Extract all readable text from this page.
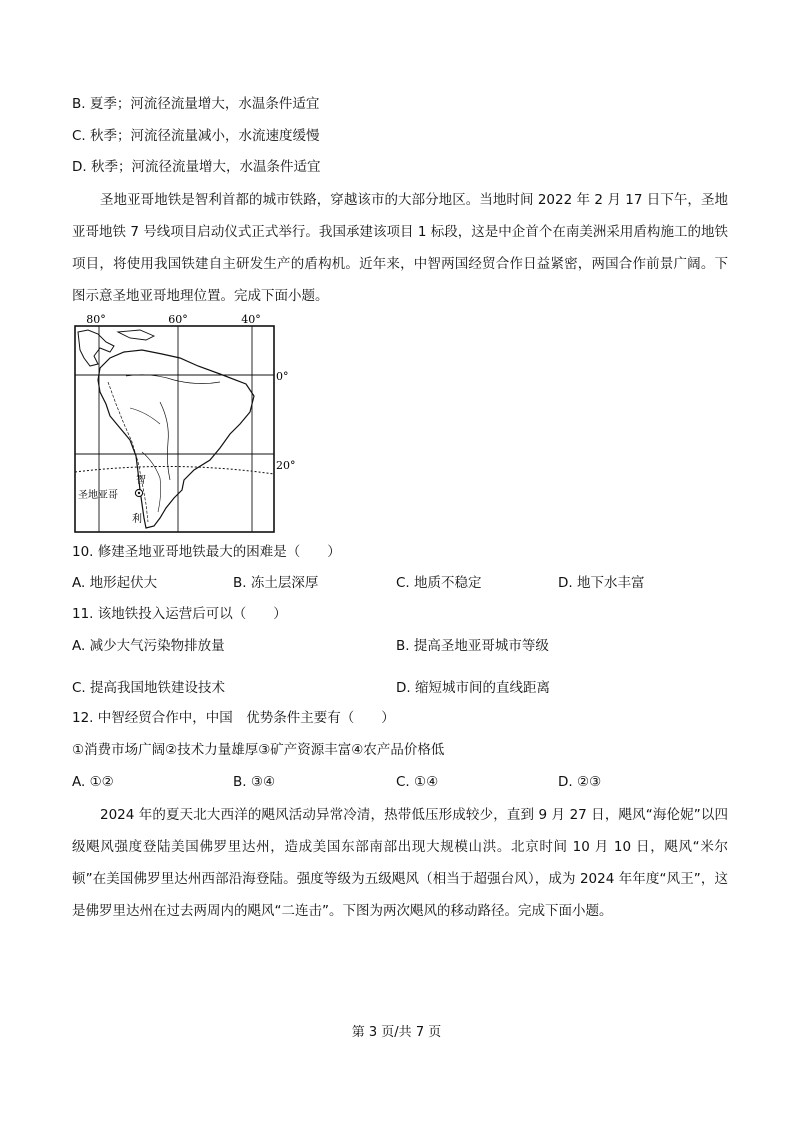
B. 夏季；河流径流量增大，水温条件适宜
C. 秋季；河流径流量减小，水流速度缓慢
D. 秋季；河流径流量增大，水温条件适宜
圣地亚哥地铁是智利首都的城市铁路，穿越该市的大部分地区。当地时间 2022 年 2 月 17 日下午，圣地亚哥地铁 7 号线项目启动仪式正式举行。我国承建该项目 1 标段，这是中企首个在南美洲采用盾构施工的地铁项目，将使用我国铁建自主研发生产的盾构机。近年来，中智两国经贸合作日益紧密，两国合作前景广阔。下图示意圣地亚哥地理位置。完成下面小题。
80°	60°	40°
0°
20°
圣地亚哥
智
利
10. 修建圣地亚哥地铁最大的困难是（　　）
A. 地形起伏大	B. 冻土层深厚	C. 地质不稳定	D. 地下水丰富
11. 该地铁投入运营后可以（　　）
A. 减少大气污染物排放量	B. 提高圣地亚哥城市等级
C. 提高我国地铁建设技术	D. 缩短城市间的直线距离
12. 中智经贸合作中，中国　优势条件主要有（　　）
①消费市场广阔②技术力量雄厚③矿产资源丰富④农产品价格低
A. ①②	B. ③④	C. ①④	D. ②③
2024 年的夏天北大西洋的飓风活动异常冷清，热带低压形成较少，直到 9 月 27 日，飓风“海伦妮”以四级飓风强度登陆美国佛罗里达州，造成美国东部南部出现大规模山洪。北京时间 10 月 10 日，飓风“米尔顿”在美国佛罗里达州西部沿海登陆。强度等级为五级飓风（相当于超强台风），成为 2024 年年度“风王”，这是佛罗里达州在过去两周内的飓风“二连击”。下图为两次飓风的移动路径。完成下面小题。
第 3 页/共 7 页
